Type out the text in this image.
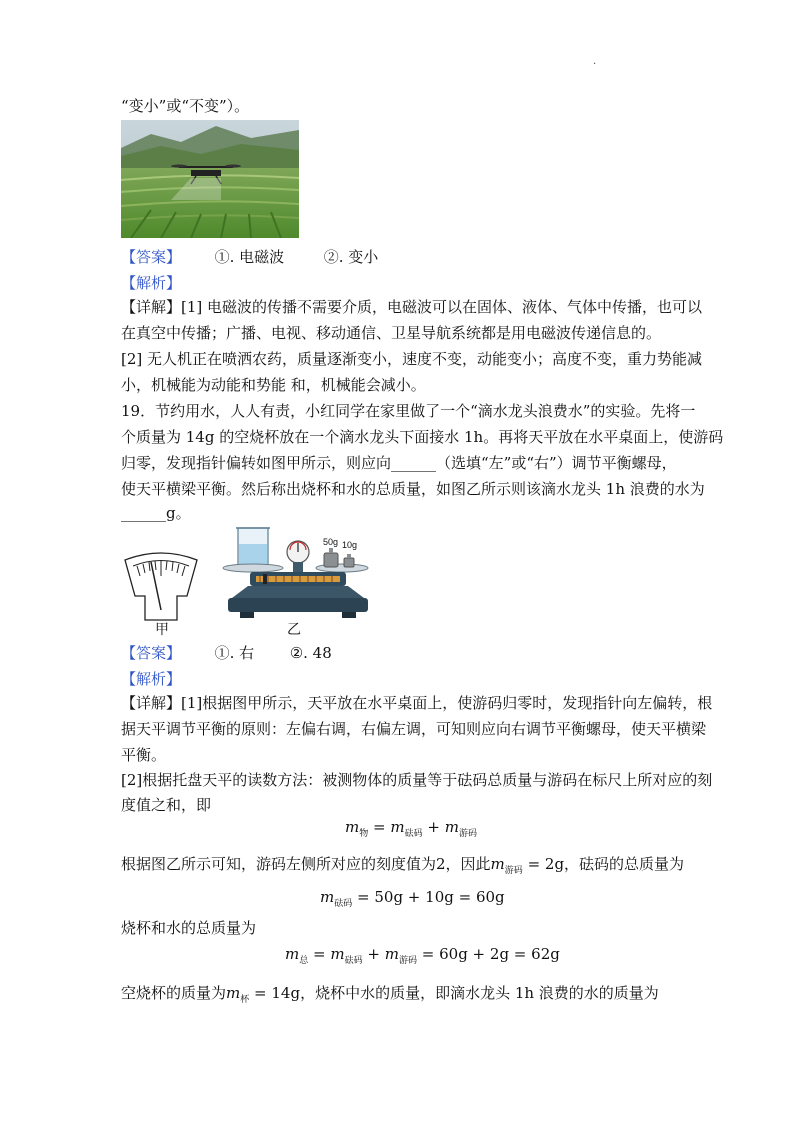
.
“变小”或“不变”）。
【答案】 ①. 电磁波	②. 变小
【解析】
【详解】[1] 电磁波的传播不需要介质，电磁波可以在固体、液体、气体中传播，也可以
在真空中传播；广播、电视、移动通信、卫星导航系统都是用电磁波传递信息的。
[2] 无人机正在喷洒农药，质量逐渐变小，速度不变，动能变小；高度不变，重力势能减
小，机械能为动能和势能 和，机械能会减小。
19．节约用水，人人有责，小红同学在家里做了一个“滴水龙头浪费水”的实验。先将一
个质量为 14g 的空烧杯放在一个滴水龙头下面接水 1h。再将天平放在水平桌面上，使游码
归零，发现指针偏转如图甲所示，则应向______（选填“左”或“右”）调节平衡螺母，
使天平横梁平衡。然后称出烧杯和水的总质量，如图乙所示则该滴水龙头 1h 浪费的水为
______g。
甲
50g 10g
乙
【答案】 ①. 右 ②. 48
【解析】
【详解】[1]根据图甲所示，天平放在水平桌面上，使游码归零时，发现指针向左偏转，根
据天平调节平衡的原则：左偏右调，右偏左调，可知则应向右调节平衡螺母，使天平横梁
平衡。
[2]根据托盘天平的读数方法：被测物体的质量等于砝码总质量与游码在标尺上所对应的刻
度值之和，即
$m_物 = m_{砝码} + m_{游码}$
根据图乙所示可知，游码左侧所对应的刻度值为2，因此$m_{游码} = 2g$，砝码的总质量为
$m_{砝码} = 50g + 10g = 60g$
烧杯和水的总质量为
$m_总 = m_{砝码} + m_{游码} = 60g + 2g = 62g$
空烧杯的质量为$m_杯 = 14g$，烧杯中水的质量，即滴水龙头 1h 浪费的水的质量为
